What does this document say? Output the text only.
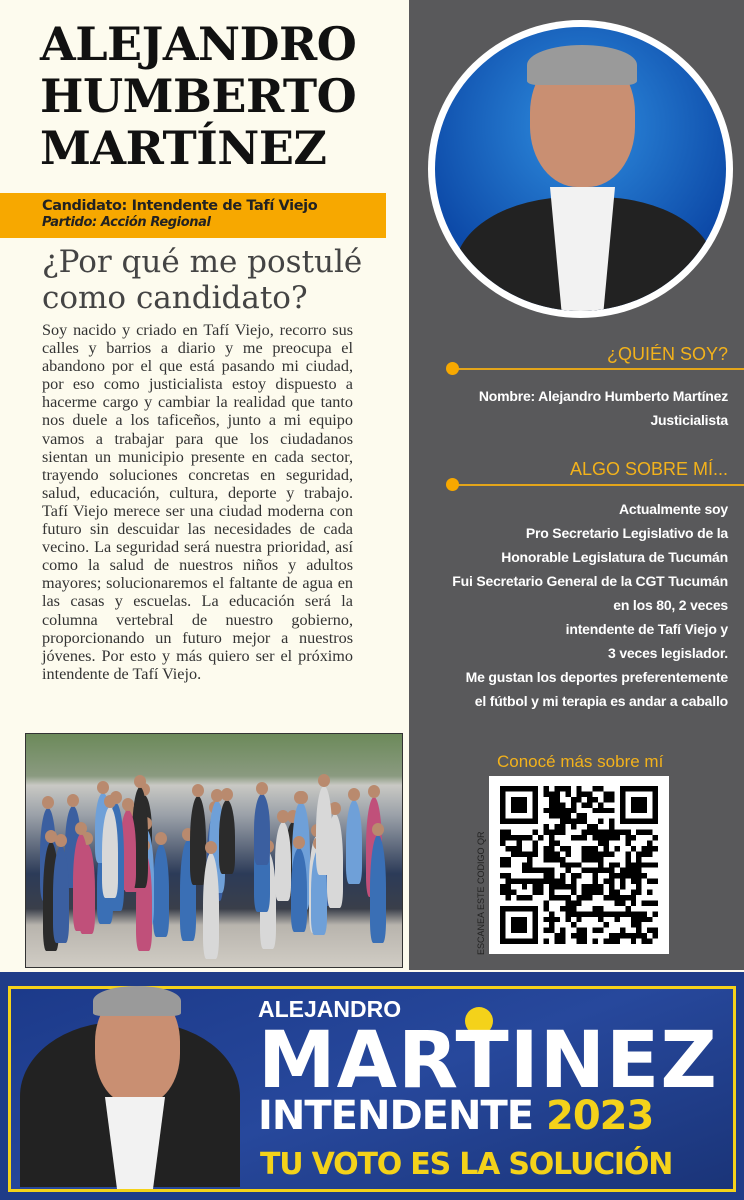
ALEJANDRO
HUMBERTO
MARTÍNEZ
Candidato: Intendente de Tafí Viejo
Partido: Acción Regional
¿Por qué me postulé como candidato?
Soy nacido y criado en Tafí Viejo, recorro sus calles y barrios a diario y me preocupa el abandono por el que está pasando mi ciudad, por eso como justicialista estoy dispuesto a hacerme cargo y cambiar la realidad que tanto nos duele a los taficeños, junto a mi equipo vamos a trabajar para que los ciudadanos sientan un municipio presente en cada sector, trayendo soluciones concretas en seguridad, salud, educación, cultura, deporte y trabajo. Tafí Viejo merece ser una ciudad moderna con futuro sin descuidar las necesidades de cada vecino. La seguridad será nuestra prioridad, así como la salud de nuestros niños y adultos mayores; solucionaremos el faltante de agua en las casas y escuelas. La educación será la columna vertebral de nuestro gobierno, proporcionando un futuro mejor a nuestros jóvenes. Por esto y más quiero ser el próximo intendente de Tafí Viejo.
¿QUIÉN SOY?
Nombre: Alejandro Humberto Martínez
Justicialista
ALGO SOBRE MÍ...
Actualmente soy
Pro Secretario Legislativo de la
Honorable Legislatura de Tucumán
Fui Secretario General de la CGT Tucumán
en los 80, 2 veces
intendente de Tafí Viejo y
3 veces legislador.
Me gustan los deportes preferentemente
el fútbol y mi terapia es andar a caballo
Conocé más sobre mí
ESCANEA ESTE CODIGO QR
ALEJANDRO
MARTINEZ
INTENDENTE 2023
TU VOTO ES LA SOLUCIÓN
